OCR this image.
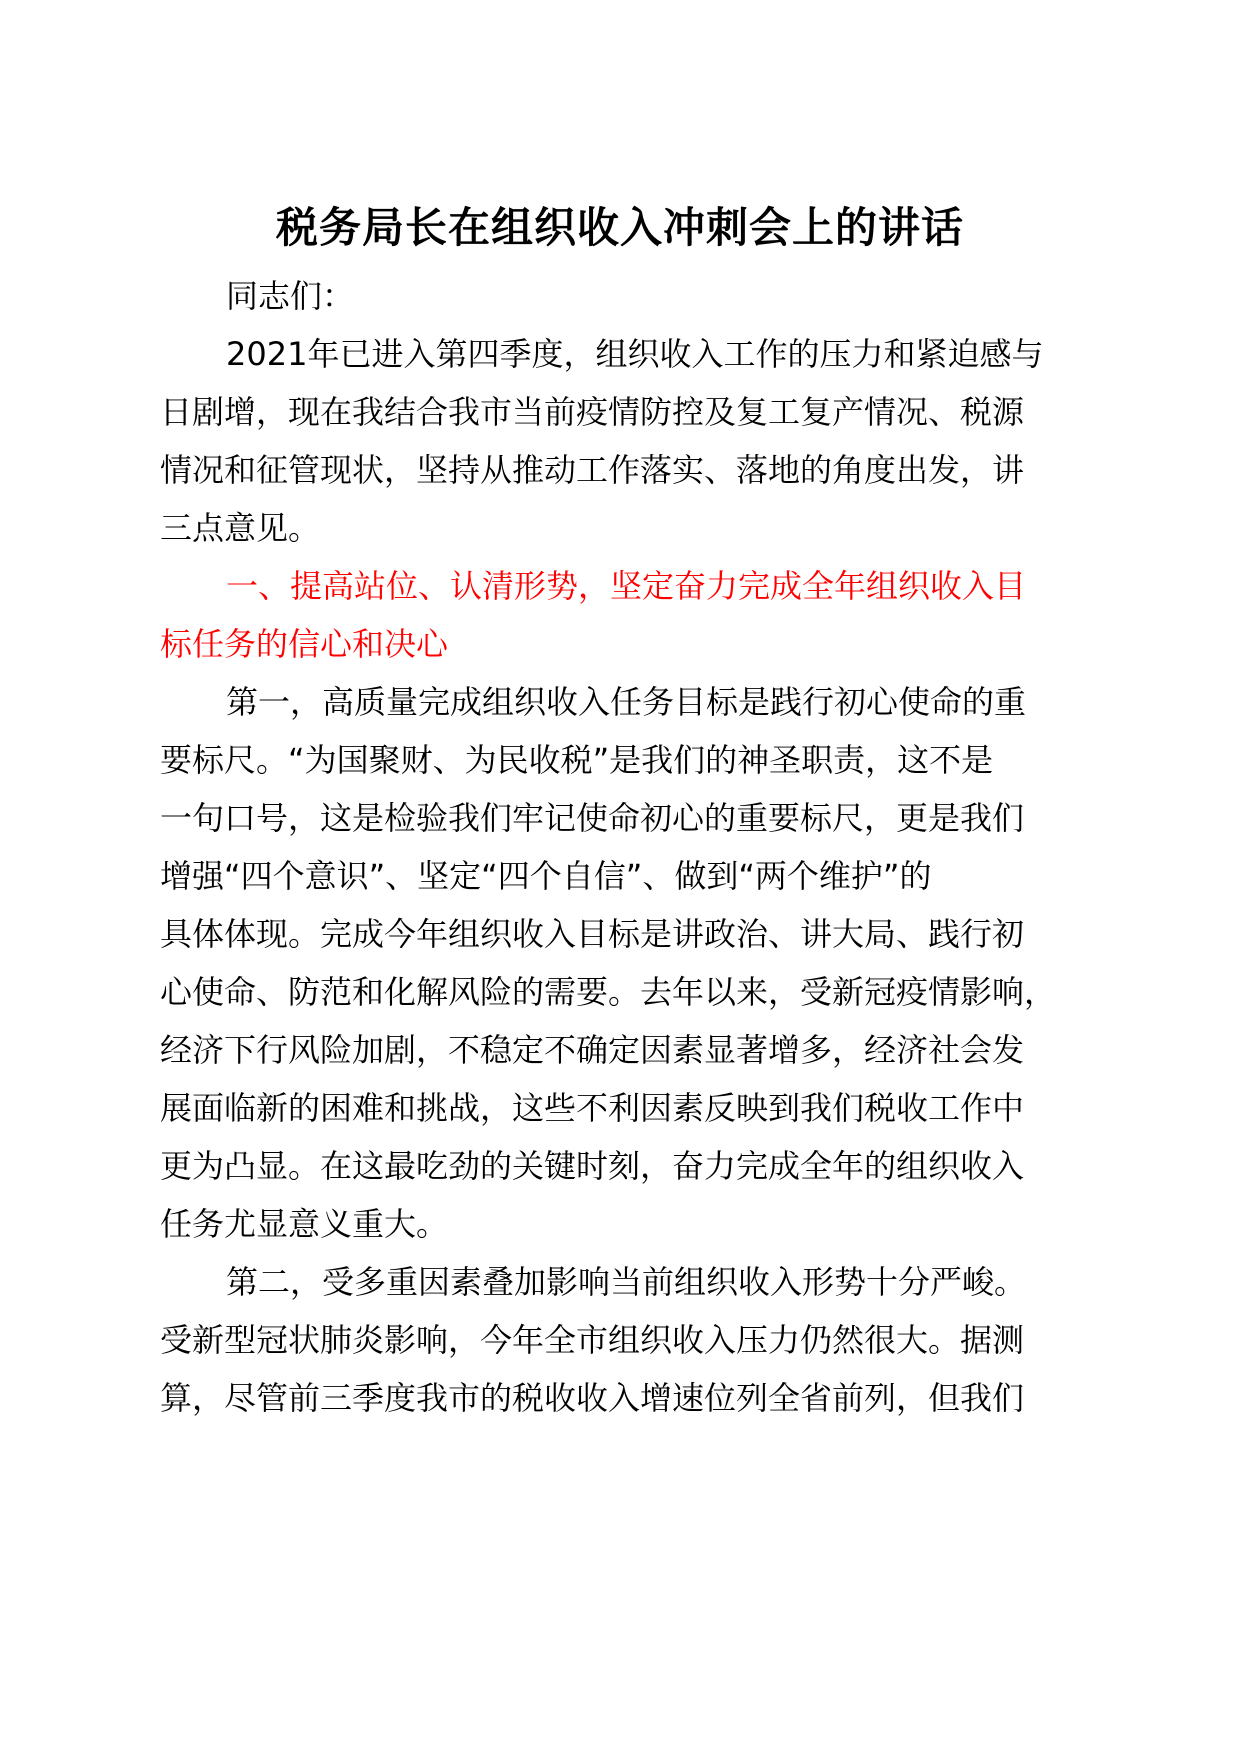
税务局长在组织收入冲刺会上的讲话
同志们：
2021年已进入第四季度，组织收入工作的压力和紧迫感与
日剧增，现在我结合我市当前疫情防控及复工复产情况、税源
情况和征管现状，坚持从推动工作落实、落地的角度出发，讲
三点意见。
一、提高站位、认清形势，坚定奋力完成全年组织收入目
标任务的信心和决心
第一，高质量完成组织收入任务目标是践行初心使命的重
要标尺。“为国聚财、为民收税”是我们的神圣职责，这不是
一句口号，这是检验我们牢记使命初心的重要标尺，更是我们
增强“四个意识”、坚定“四个自信”、做到“两个维护”的
具体体现。完成今年组织收入目标是讲政治、讲大局、践行初
心使命、防范和化解风险的需要。去年以来，受新冠疫情影响，
经济下行风险加剧，不稳定不确定因素显著增多，经济社会发
展面临新的困难和挑战，这些不利因素反映到我们税收工作中
更为凸显。在这最吃劲的关键时刻，奋力完成全年的组织收入
任务尤显意义重大。
第二，受多重因素叠加影响当前组织收入形势十分严峻。
受新型冠状肺炎影响，今年全市组织收入压力仍然很大。据测
算，尽管前三季度我市的税收收入增速位列全省前列，但我们
